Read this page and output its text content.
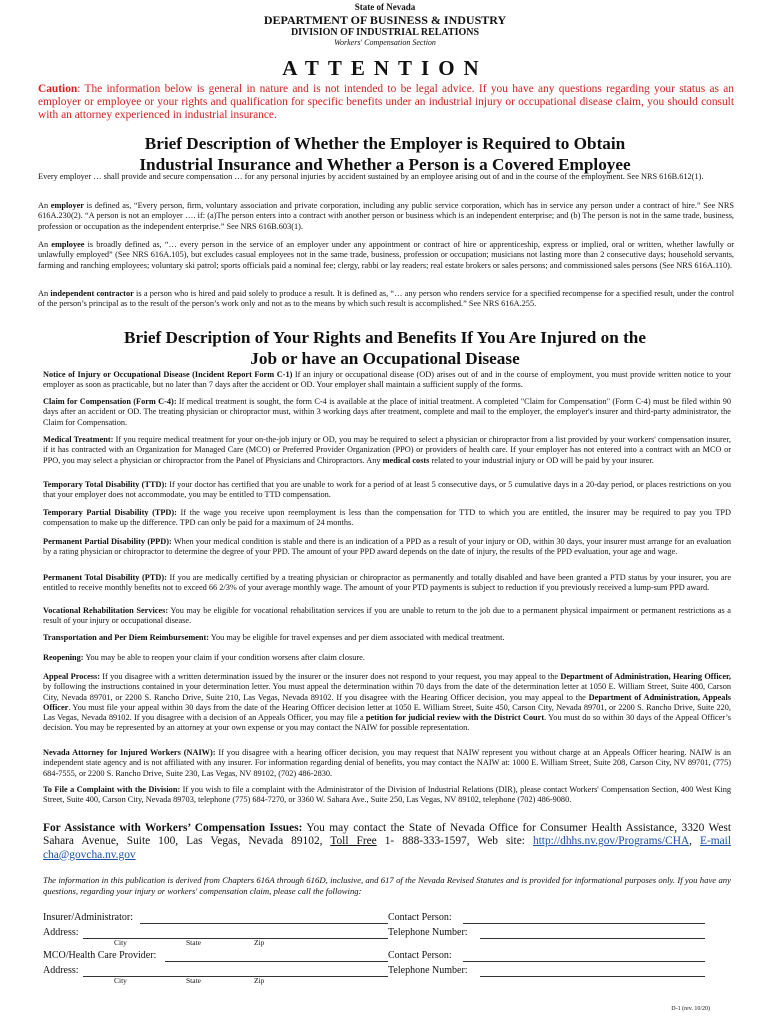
State of Nevada
DEPARTMENT OF BUSINESS & INDUSTRY
DIVISION OF INDUSTRIAL RELATIONS
Workers' Compensation Section
ATTENTION
Caution: The information below is general in nature and is not intended to be legal advice. If you have any questions regarding your status as an employer or employee or your rights and qualification for specific benefits under an industrial injury or occupational disease claim, you should consult with an attorney experienced in industrial insurance.
Brief Description of Whether the Employer is Required to Obtain
Industrial Insurance and Whether a Person is a Covered Employee
Every employer … shall provide and secure compensation … for any personal injuries by accident sustained by an employee arising out of and in the course of the employment. See NRS 616B.612(1).
An employer is defined as, “Every person, firm, voluntary association and private corporation, including any public service corporation, which has in service any person under a contract of hire.” See NRS 616A.230(2). “A person is not an employer …. if: (a)The person enters into a contract with another person or business which is an independent enterprise; and (b) The person is not in the same trade, business, profession or occupation as the independent enterprise.” See NRS 616B.603(1).
An employee is broadly defined as, “… every person in the service of an employer under any appointment or contract of hire or apprenticeship, express or implied, oral or written, whether lawfully or unlawfully employed” (See NRS 616A.105), but excludes casual employees not in the same trade, business, profession or occupation; musicians not lasting more than 2 consecutive days; household servants, farming and ranching employees; voluntary ski patrol; sports officials paid a nominal fee; clergy, rabbi or lay readers; real estate brokers or sales persons; and commissioned sales persons (See NRS 616A.110).
An independent contractor is a person who is hired and paid solely to produce a result. It is defined as, “… any person who renders service for a specified recompense for a specified result, under the control of the person’s principal as to the result of the person’s work only and not as to the means by which such result is accomplished.” See NRS 616A.255.
Brief Description of Your Rights and Benefits If You Are Injured on the
Job or have an Occupational Disease
Notice of Injury or Occupational Disease (Incident Report Form C-1) If an injury or occupational disease (OD) arises out of and in the course of employment, you must provide written notice to your employer as soon as practicable, but no later than 7 days after the accident or OD. Your employer shall maintain a sufficient supply of the forms.
Claim for Compensation (Form C-4): If medical treatment is sought, the form C-4 is available at the place of initial treatment. A completed "Claim for Compensation" (Form C-4) must be filed within 90 days after an accident or OD. The treating physician or chiropractor must, within 3 working days after treatment, complete and mail to the employer, the employer's insurer and third-party administrator, the Claim for Compensation.
Medical Treatment: If you require medical treatment for your on-the-job injury or OD, you may be required to select a physician or chiropractor from a list provided by your workers' compensation insurer, if it has contracted with an Organization for Managed Care (MCO) or Preferred Provider Organization (PPO) or providers of health care. If your employer has not entered into a contract with an MCO or PPO, you may select a physician or chiropractor from the Panel of Physicians and Chiropractors. Any medical costs related to your industrial injury or OD will be paid by your insurer.
Temporary Total Disability (TTD): If your doctor has certified that you are unable to work for a period of at least 5 consecutive days, or 5 cumulative days in a 20-day period, or places restrictions on you that your employer does not accommodate, you may be entitled to TTD compensation.
Temporary Partial Disability (TPD): If the wage you receive upon reemployment is less than the compensation for TTD to which you are entitled, the insurer may be required to pay you TPD compensation to make up the difference. TPD can only be paid for a maximum of 24 months.
Permanent Partial Disability (PPD): When your medical condition is stable and there is an indication of a PPD as a result of your injury or OD, within 30 days, your insurer must arrange for an evaluation by a rating physician or chiropractor to determine the degree of your PPD. The amount of your PPD award depends on the date of injury, the results of the PPD evaluation, your age and wage.
Permanent Total Disability (PTD): If you are medically certified by a treating physician or chiropractor as permanently and totally disabled and have been granted a PTD status by your insurer, you are entitled to receive monthly benefits not to exceed 66 2/3% of your average monthly wage. The amount of your PTD payments is subject to reduction if you previously received a lump-sum PPD award.
Vocational Rehabilitation Services: You may be eligible for vocational rehabilitation services if you are unable to return to the job due to a permanent physical impairment or permanent restrictions as a result of your injury or occupational disease.
Transportation and Per Diem Reimbursement: You may be eligible for travel expenses and per diem associated with medical treatment.
Reopening: You may be able to reopen your claim if your condition worsens after claim closure.
Appeal Process: If you disagree with a written determination issued by the insurer or the insurer does not respond to your request, you may appeal to the Department of Administration, Hearing Officer, by following the instructions contained in your determination letter. You must appeal the determination within 70 days from the date of the determination letter at 1050 E. William Street, Suite 400, Carson City, Nevada 89701, or 2200 S. Rancho Drive, Suite 210, Las Vegas, Nevada 89102. If you disagree with the Hearing Officer decision, you may appeal to the Department of Administration, Appeals Officer. You must file your appeal within 30 days from the date of the Hearing Officer decision letter at 1050 E. William Street, Suite 450, Carson City, Nevada 89701, or 2200 S. Rancho Drive, Suite 220, Las Vegas, Nevada 89102. If you disagree with a decision of an Appeals Officer, you may file a petition for judicial review with the District Court. You must do so within 30 days of the Appeal Officer’s decision. You may be represented by an attorney at your own expense or you may contact the NAIW for possible representation.
Nevada Attorney for Injured Workers (NAIW): If you disagree with a hearing officer decision, you may request that NAIW represent you without charge at an Appeals Officer hearing. NAIW is an independent state agency and is not affiliated with any insurer. For information regarding denial of benefits, you may contact the NAIW at: 1000 E. William Street, Suite 208, Carson City, NV 89701, (775) 684-7555, or 2200 S. Rancho Drive, Suite 230, Las Vegas, NV 89102, (702) 486-2830.
To File a Complaint with the Division: If you wish to file a complaint with the Administrator of the Division of Industrial Relations (DIR), please contact Workers' Compensation Section, 400 West King Street, Suite 400, Carson City, Nevada 89703, telephone (775) 684-7270, or 3360 W. Sahara Ave., Suite 250, Las Vegas, NV 89102, telephone (702) 486-9080.
For Assistance with Workers’ Compensation Issues: You may contact the State of Nevada Office for Consumer Health Assistance, 3320 West Sahara Avenue, Suite 100, Las Vegas, Nevada 89102, Toll Free 1- 888-333-1597, Web site: http://dhhs.nv.gov/Programs/CHA, E-mail cha@govcha.nv.gov
The information in this publication is derived from Chapters 616A through 616D, inclusive, and 617 of the Nevada Revised Statutes and is provided for informational purposes only. If you have any questions, regarding your injury or workers' compensation claim, please call the following:
Insurer/Administrator:	Contact Person:
Address:	Telephone Number:
City	State	Zip
MCO/Health Care Provider:	Contact Person:
Address:	Telephone Number:
City	State	Zip
D-1 (rev. 10/20)
